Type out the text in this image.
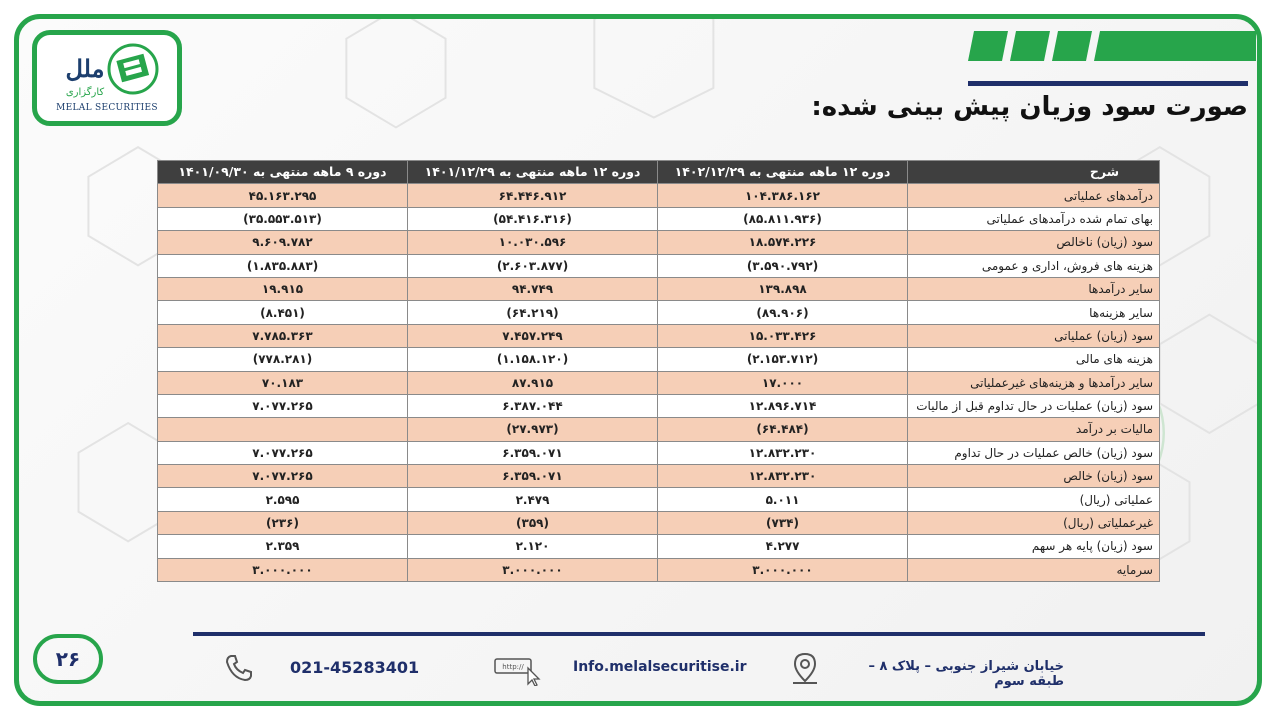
ملل
کارگزاری
MELAL SECURITIES	صورت سود وزیان پیش بینی شده:
شرح	دوره ۱۲ ماهه منتهی به ۱۴۰۲/۱۲/۲۹	دوره ۱۲ ماهه منتهی به ۱۴۰۱/۱۲/۲۹	دوره ۹ ماهه منتهی به ۱۴۰۱/۰۹/۳۰
درآمدهای عملیاتی	۱۰۴.۳۸۶.۱۶۲	۶۴.۴۴۶.۹۱۲	۴۵.۱۶۳.۲۹۵
بهای تمام شده درآمدهای عملیاتی	(۸۵.۸۱۱.۹۳۶)	(۵۴.۴۱۶.۳۱۶)	(۳۵.۵۵۳.۵۱۳)
سود (زیان) ناخالص	۱۸.۵۷۴.۲۲۶	۱۰.۰۳۰.۵۹۶	۹.۶۰۹.۷۸۲
هزینه های فروش، اداری و عمومی	(۳.۵۹۰.۷۹۲)	(۲.۶۰۳.۸۷۷)	(۱.۸۳۵.۸۸۳)
سایر درآمدها	۱۳۹.۸۹۸	۹۴.۷۴۹	۱۹.۹۱۵
سایر هزینه‌ها	(۸۹.۹۰۶)	(۶۴.۲۱۹)	(۸.۴۵۱)
سود (زیان) عملیاتی	۱۵.۰۳۳.۴۲۶	۷.۴۵۷.۲۴۹	۷.۷۸۵.۳۶۳
هزینه های مالی	(۲.۱۵۳.۷۱۲)	(۱.۱۵۸.۱۲۰)	(۷۷۸.۲۸۱)
سایر درآمدها و هزینه‌های غیرعملیاتی	۱۷.۰۰۰	۸۷.۹۱۵	۷۰.۱۸۳
سود (زیان) عملیات در حال تداوم قبل از مالیات	۱۲.۸۹۶.۷۱۴	۶.۳۸۷.۰۴۴	۷.۰۷۷.۲۶۵
مالیات بر درآمد	(۶۴.۴۸۴)	(۲۷.۹۷۳)	
سود (زیان) خالص عملیات در حال تداوم	۱۲.۸۳۲.۲۳۰	۶.۳۵۹.۰۷۱	۷.۰۷۷.۲۶۵
سود (زیان) خالص	۱۲.۸۳۲.۲۳۰	۶.۳۵۹.۰۷۱	۷.۰۷۷.۲۶۵
عملیاتی (ریال)	۵.۰۱۱	۲.۴۷۹	۲.۵۹۵
غیرعملیاتی (ریال)	(۷۳۴)	(۳۵۹)	(۲۳۶)
سود (زیان) پایه هر سهم	۴.۲۷۷	۲.۱۲۰	۲.۳۵۹
سرمایه	۳.۰۰۰.۰۰۰	۳.۰۰۰.۰۰۰	۳.۰۰۰.۰۰۰
۲۶	021-45283401	http://	Info.melalsecuritise.ir	خیابان شیراز جنوبی – پلاک ۸ –طبقه سوم
